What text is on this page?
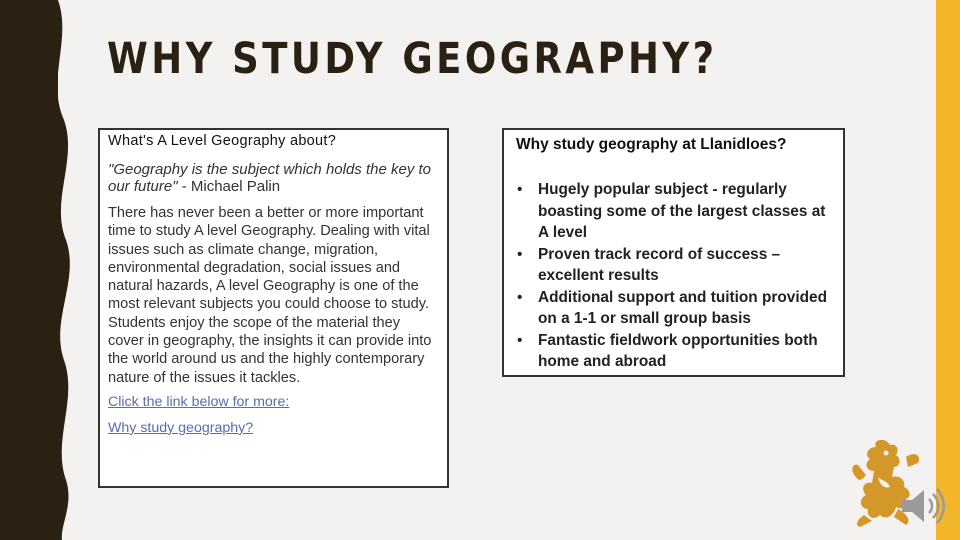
WHY STUDY GEOGRAPHY?

What's A Level Geography about?

"Geography is the subject which holds the key to our future" - Michael Palin

There has never been a better or more important time to study A level Geography. Dealing with vital issues such as climate change, migration, environmental degradation, social issues and natural hazards, A level Geography is one of the most relevant subjects you could choose to study. Students enjoy the scope of the material they cover in geography, the insights it can provide into the world around us and the highly contemporary nature of the issues it tackles.

Click the link below for more:
Why study geography?

Why study geography at Llanidloes?

• Hugely popular subject - regularly boasting some of the largest classes at A level
• Proven track record of success – excellent results
• Additional support and tuition provided on a 1-1 or small group basis
• Fantastic fieldwork opportunities both home and abroad
